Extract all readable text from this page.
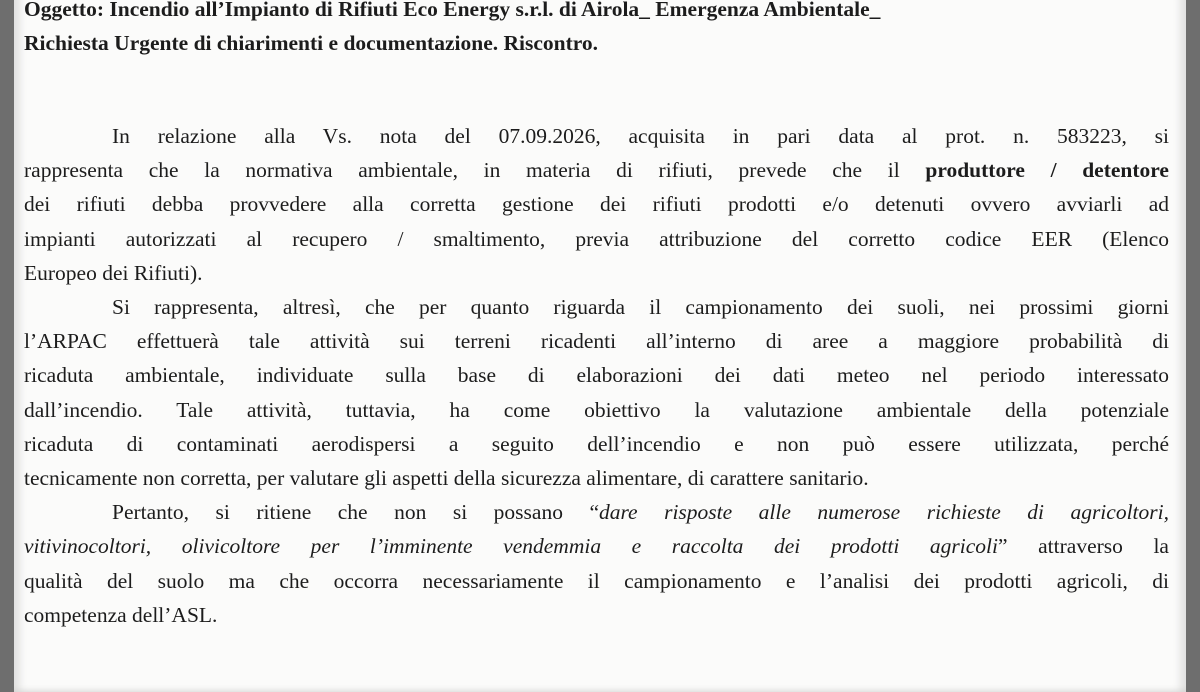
Oggetto: Incendio all’Impianto di Rifiuti Eco Energy s.r.l. di Airola_ Emergenza Ambientale_
Richiesta Urgente di chiarimenti e documentazione. Riscontro.
In relazione alla Vs. nota del 07.09.2026, acquisita in pari data al prot. n. 583223, si
rappresenta che la normativa ambientale, in materia di rifiuti, prevede che il produttore / detentore
dei rifiuti debba provvedere alla corretta gestione dei rifiuti prodotti e/o detenuti ovvero avviarli ad
impianti autorizzati al recupero / smaltimento, previa attribuzione del corretto codice EER (Elenco
Europeo dei Rifiuti).
Si rappresenta, altresì, che per quanto riguarda il campionamento dei suoli, nei prossimi giorni
l’ARPAC effettuerà tale attività sui terreni ricadenti all’interno di aree a maggiore probabilità di
ricaduta ambientale, individuate sulla base di elaborazioni dei dati meteo nel periodo interessato
dall’incendio. Tale attività, tuttavia, ha come obiettivo la valutazione ambientale della potenziale
ricaduta di contaminati aerodispersi a seguito dell’incendio e non può essere utilizzata, perché
tecnicamente non corretta, per valutare gli aspetti della sicurezza alimentare, di carattere sanitario.
Pertanto, si ritiene che non si possano “dare risposte alle numerose richieste di agricoltori,
vitivinocoltori, olivicoltore per l’imminente vendemmia e raccolta dei prodotti agricoli” attraverso la
qualità del suolo ma che occorra necessariamente il campionamento e l’analisi dei prodotti agricoli, di
competenza dell’ASL.
